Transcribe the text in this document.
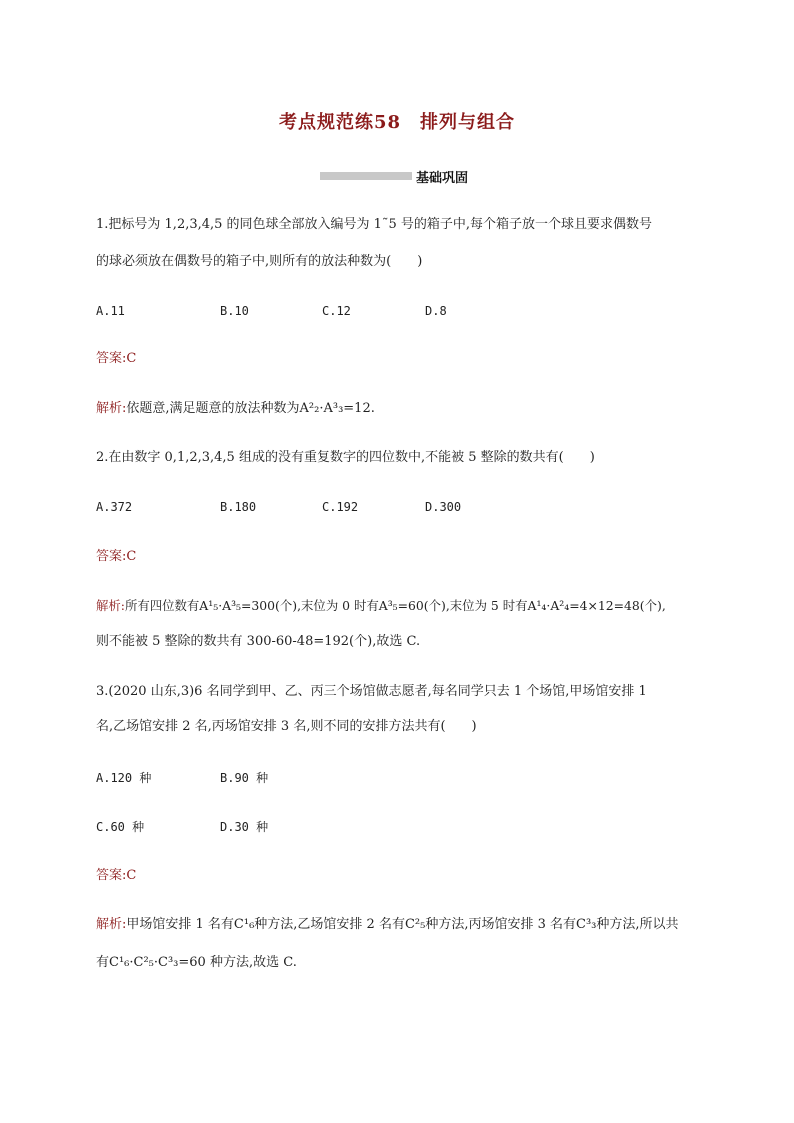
考点规范练58　排列与组合
基础巩固
1.把标号为 1,2,3,4,5 的同色球全部放入编号为 1˜5 号的箱子中,每个箱子放一个球且要求偶数号
的球必须放在偶数号的箱子中,则所有的放法种数为(　　)
A.11	B.10	C.12	D.8
答案:C
解析:依题意,满足题意的放法种数为A²₂·A³₃=12.
2.在由数字 0,1,2,3,4,5 组成的没有重复数字的四位数中,不能被 5 整除的数共有(　　)
A.372	B.180	C.192	D.300
答案:C
解析:所有四位数有A¹₅·A³₅=300(个),末位为 0 时有A³₅=60(个),末位为 5 时有A¹₄·A²₄=4×12=48(个),
则不能被 5 整除的数共有 300-60-48=192(个),故选 C.
3.(2020 山东,3)6 名同学到甲、乙、丙三个场馆做志愿者,每名同学只去 1 个场馆,甲场馆安排 1
名,乙场馆安排 2 名,丙场馆安排 3 名,则不同的安排方法共有(　　)
A.120 种	B.90 种
C.60 种	D.30 种
答案:C
解析:甲场馆安排 1 名有C¹₆种方法,乙场馆安排 2 名有C²₅种方法,丙场馆安排 3 名有C³₃种方法,所以共
有C¹₆·C²₅·C³₃=60 种方法,故选 C.
